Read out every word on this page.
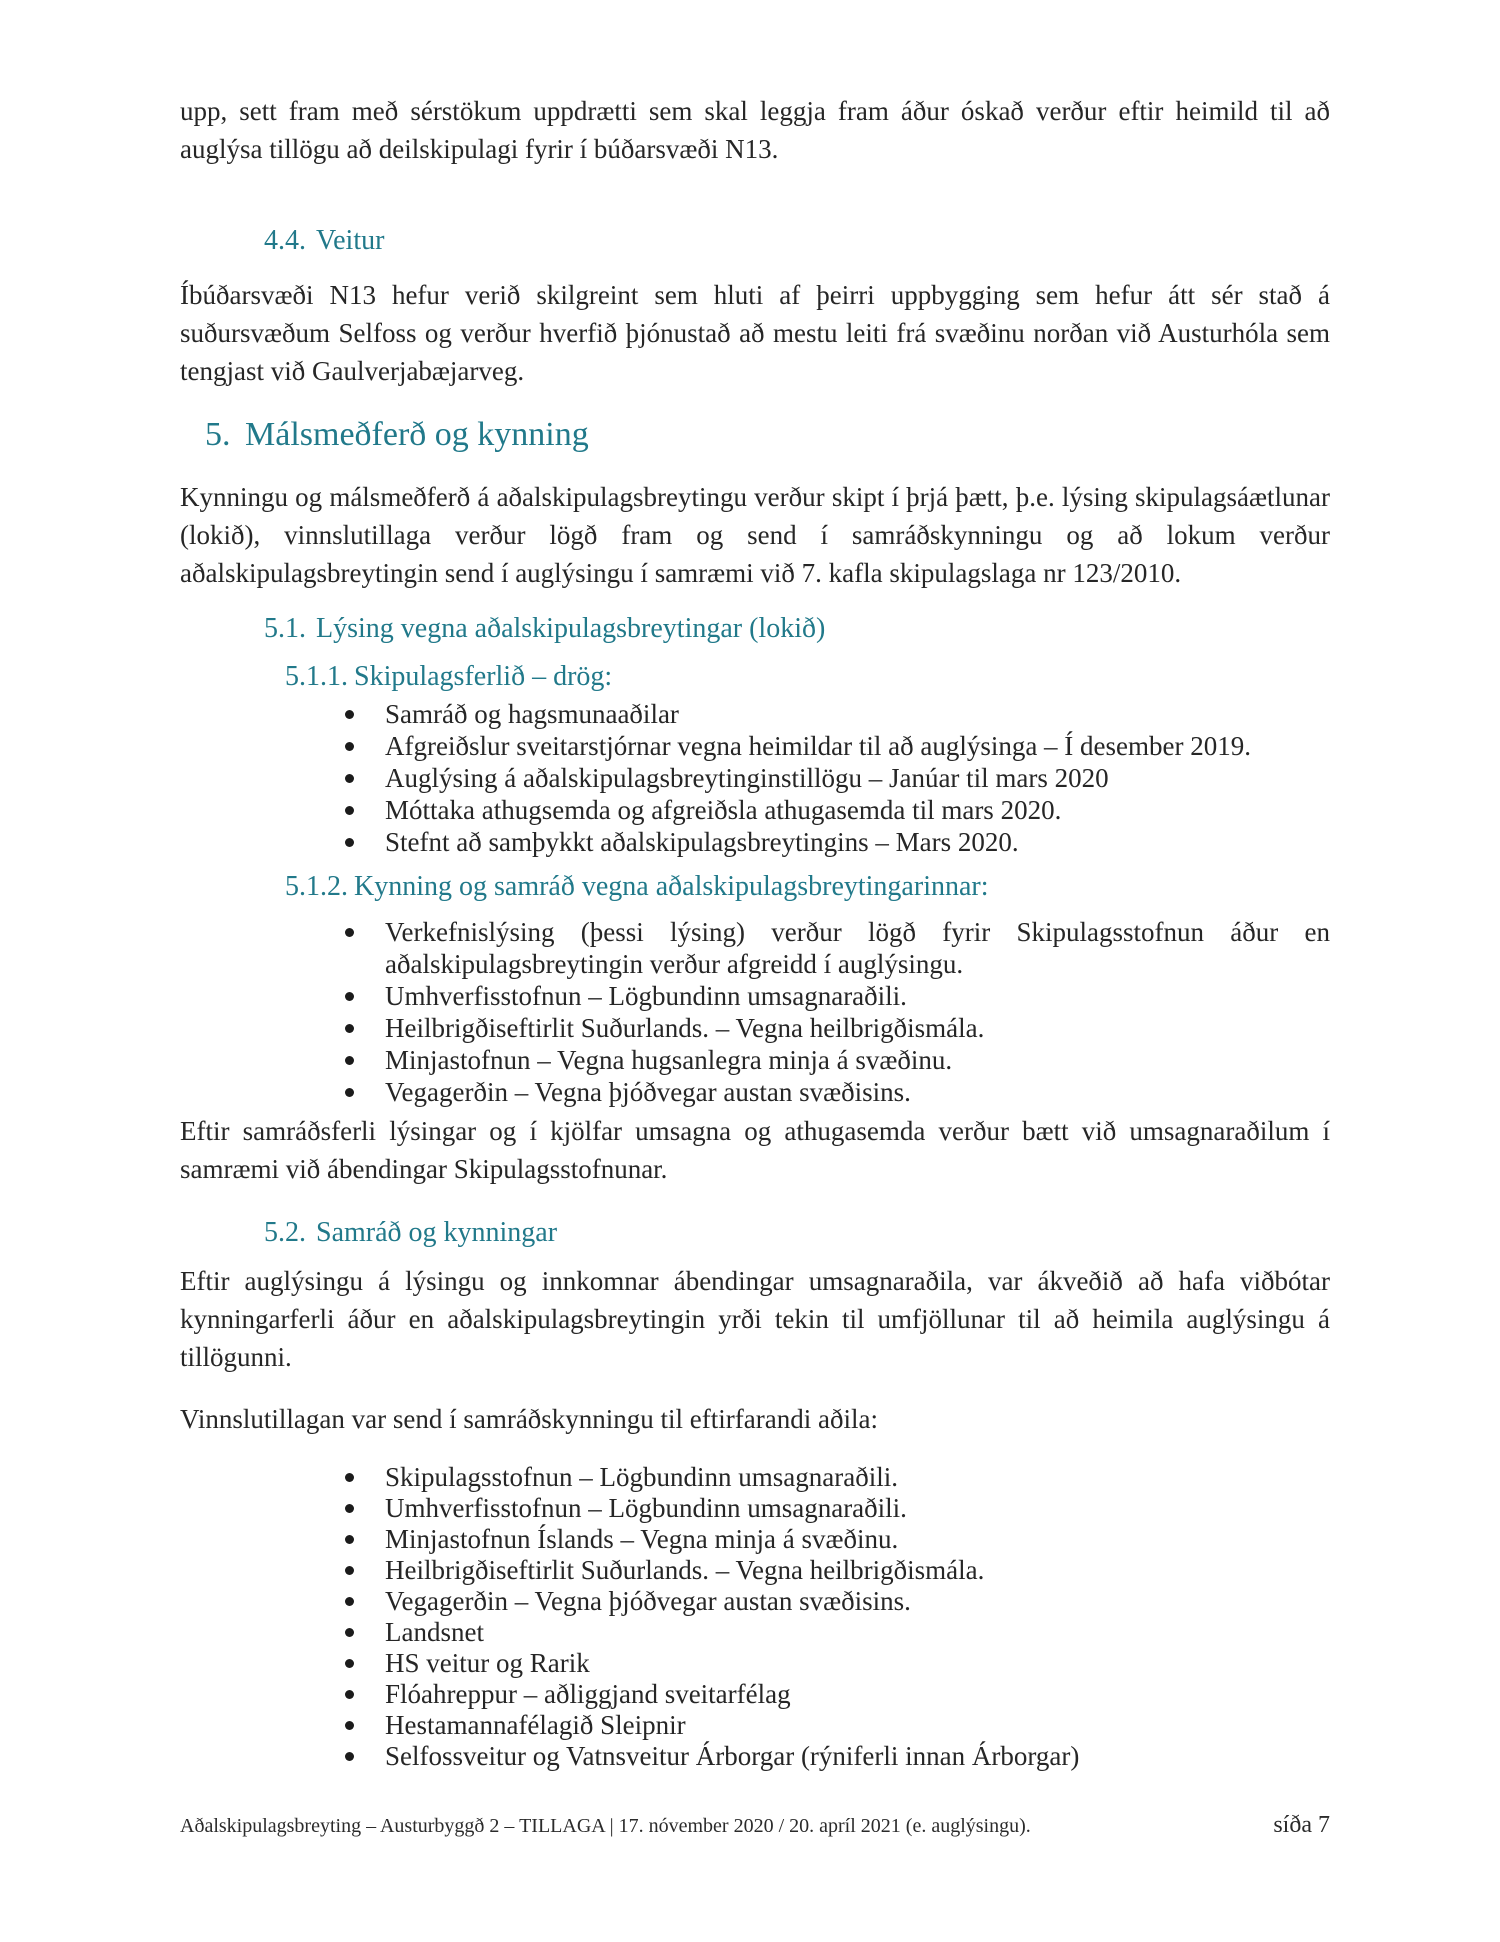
upp, sett fram með sérstökum uppdrætti sem skal leggja fram áður óskað verður eftir heimild til að auglýsa tillögu að deilskipulagi fyrir í búðarsvæði N13.

4.4. Veitur

Íbúðarsvæði N13 hefur verið skilgreint sem hluti af þeirri uppbygging sem hefur átt sér stað á suðursvæðum Selfoss og verður hverfið þjónustað að mestu leiti frá svæðinu norðan við Austurhóla sem tengjast við Gaulverjabæjarveg.

5. Málsmeðferð og kynning

Kynningu og málsmeðferð á aðalskipulagsbreytingu verður skipt í þrjá þætt, þ.e. lýsing skipulagsáætlunar (lokið), vinnslutillaga verður lögð fram og send í samráðskynningu og að lokum verður aðalskipulagsbreytingin send í auglýsingu í samræmi við 7. kafla skipulagslaga nr 123/2010.

5.1. Lýsing vegna aðalskipulagsbreytingar (lokið)
5.1.1. Skipulagsferlið – drög:
Samráð og hagsmunaaðilar
Afgreiðslur sveitarstjórnar vegna heimildar til að auglýsinga – Í desember 2019.
Auglýsing á aðalskipulagsbreytinginstillögu – Janúar til mars 2020
Móttaka athugsemda og afgreiðsla athugasemda til mars 2020.
Stefnt að samþykkt aðalskipulagsbreytingins – Mars 2020.
5.1.2. Kynning og samráð vegna aðalskipulagsbreytingarinnar:
Verkefnislýsing (þessi lýsing) verður lögð fyrir Skipulagsstofnun áður en aðalskipulagsbreytingin verður afgreidd í auglýsingu.
Umhverfisstofnun – Lögbundinn umsagnaraðili.
Heilbrigðiseftirlit Suðurlands. – Vegna heilbrigðismála.
Minjastofnun – Vegna hugsanlegra minja á svæðinu.
Vegagerðin – Vegna þjóðvegar austan svæðisins.

Eftir samráðsferli lýsingar og í kjölfar umsagna og athugasemda verður bætt við umsagnaraðilum í samræmi við ábendingar Skipulagsstofnunar.

5.2. Samráð og kynningar

Eftir auglýsingu á lýsingu og innkomnar ábendingar umsagnaraðila, var ákveðið að hafa viðbótar kynningarferli áður en aðalskipulagsbreytingin yrði tekin til umfjöllunar til að heimila auglýsingu á tillögunni.

Vinnslutillagan var send í samráðskynningu til eftirfarandi aðila:

Skipulagsstofnun – Lögbundinn umsagnaraðili.
Umhverfisstofnun – Lögbundinn umsagnaraðili.
Minjastofnun Íslands – Vegna minja á svæðinu.
Heilbrigðiseftirlit Suðurlands. – Vegna heilbrigðismála.
Vegagerðin – Vegna þjóðvegar austan svæðisins.
Landsnet
HS veitur og Rarik
Flóahreppur – aðliggjand sveitarfélag
Hestamannafélagið Sleipnir
Selfossveitur og Vatnsveitur Árborgar (rýniferli innan Árborgar)
Aðalskipulagsbreyting – Austurbyggð 2 – TILLAGA | 17. nóvember 2020 / 20. apríl 2021 (e. auglýsingu).	síða 7
